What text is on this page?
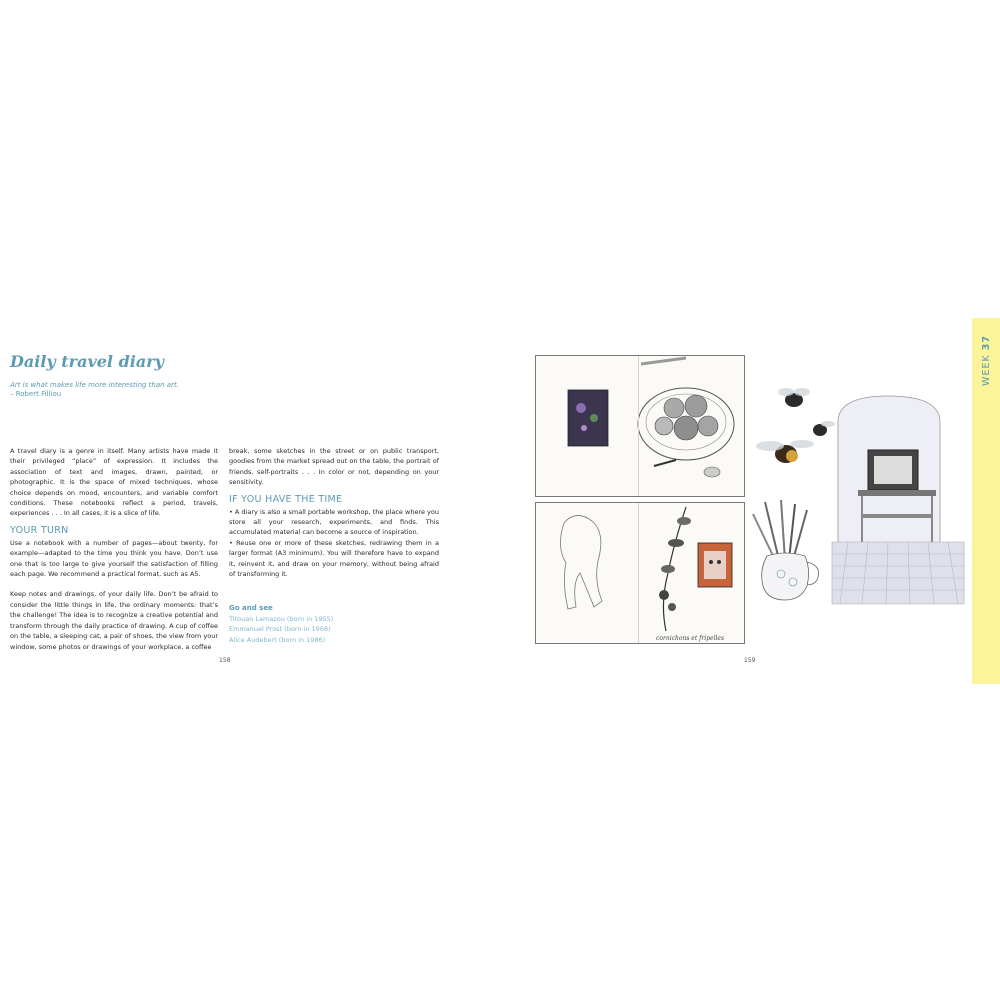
Daily travel diary
Art is what makes life more interesting than art.
– Robert Filliou

A travel diary is a genre in itself. Many artists have made it their privileged “place” of expression. It includes the association of text and images, drawn, painted, or photographic. It is the space of mixed techniques, whose choice depends on mood, encounters, and variable comfort conditions. These notebooks reflect a period, travels, experiences . . . In all cases, it is a slice of life.

YOUR TURN

Use a notebook with a number of pages—about twenty, for example—adapted to the time you think you have. Don’t use one that is too large to give yourself the satisfaction of filling each page. We recommend a practical format, such as A5.

Keep notes and drawings, of your daily life. Don’t be afraid to consider the little things in life, the ordinary moments: that’s the challenge! The idea is to recognize a creative potential and transform through the daily practice of drawing. A cup of coffee on the table, a sleeping cat, a pair of shoes, the view from your window, some photos or drawings of your workplace, a coffee

break, some sketches in the street or on public transport, goodies from the market spread out on the table, the portrait of friends, self-portraits . . . In color or not, depending on your sensitivity.

IF YOU HAVE THE TIME

• A diary is also a small portable workshop, the place where you store all your research, experiments, and finds. This accumulated material can become a source of inspiration.

• Reuse one or more of these sketches, redrawing them in a larger format (A3 minimum). You will therefore have to expand it, reinvent it, and draw on your memory, without being afraid of transforming it.

Go and see
Titouan Lamazou (born in 1955)
Emmanuel Prost (born in 1968)
Alice Audebert (born in 1986)
158
cornichons et fripelles
159
WEEK 37
